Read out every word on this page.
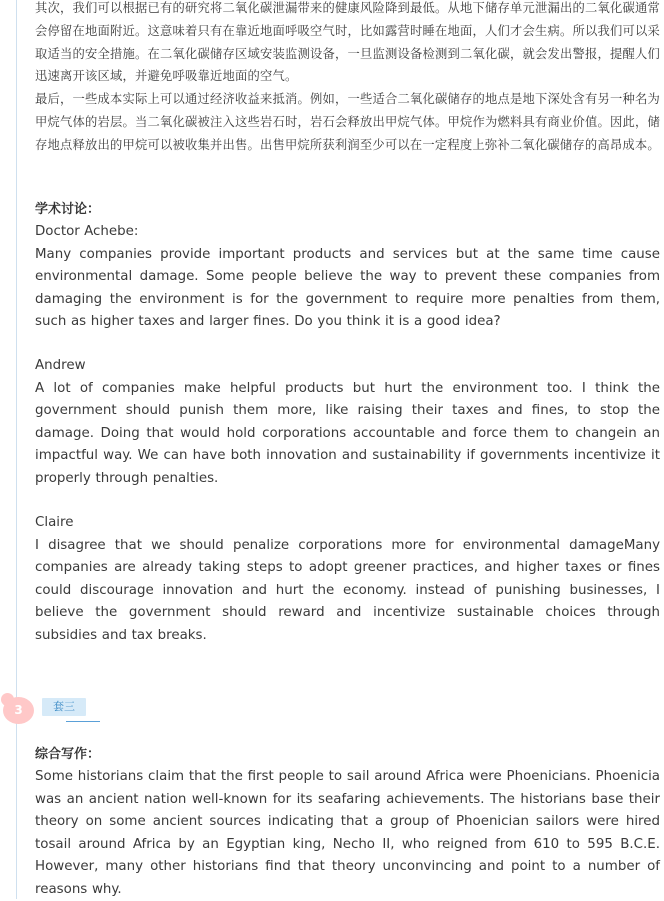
其次，我们可以根据已有的研究将二氧化碳泄漏带来的健康风险降到最低。从地下储存单元泄漏出的二氧化碳通常会停留在地面附近。这意味着只有在靠近地面呼吸空气时，比如露营时睡在地面，人们才会生病。所以我们可以采取适当的安全措施。在二氧化碳储存区域安装监测设备，一旦监测设备检测到二氧化碳，就会发出警报，提醒人们迅速离开该区域，并避免呼吸靠近地面的空气。

最后，一些成本实际上可以通过经济收益来抵消。例如，一些适合二氧化碳储存的地点是地下深处含有另一种名为甲烷气体的岩层。当二氧化碳被注入这些岩石时，岩石会释放出甲烷气体。甲烷作为燃料具有商业价值。因此，储存地点释放出的甲烷可以被收集并出售。出售甲烷所获利润至少可以在一定程度上弥补二氧化碳储存的高昂成本。

学术讨论：
Doctor Achebe:

Many companies provide important products and services but at the same time cause environmental damage. Some people believe the way to prevent these companies from damaging the environment is for the government to require more penalties from them, such as higher taxes and larger fines. Do you think it is a good idea?

Andrew

A lot of companies make helpful products but hurt the environment too. I think the government should punish them more, like raising their taxes and fines, to stop the damage. Doing that would hold corporations accountable and force them to changein an impactful way. We can have both innovation and sustainability if governments incentivize it properly through penalties.

Claire

I disagree that we should penalize corporations more for environmental damageMany companies are already taking steps to adopt greener practices, and higher taxes or fines could discourage innovation and hurt the economy. instead of punishing businesses, I believe the government should reward and incentivize sustainable choices through subsidies and tax breaks.

3	套三
综合写作：

Some historians claim that the first people to sail around Africa were Phoenicians. Phoenicia was an ancient nation well-known for its seafaring achievements. The historians base their theory on some ancient sources indicating that a group of Phoenician sailors were hired tosail around Africa by an Egyptian king, Necho II, who reigned from 610 to 595 B.C.E. However, many other historians find that theory unconvincing and point to a number of reasons why.
